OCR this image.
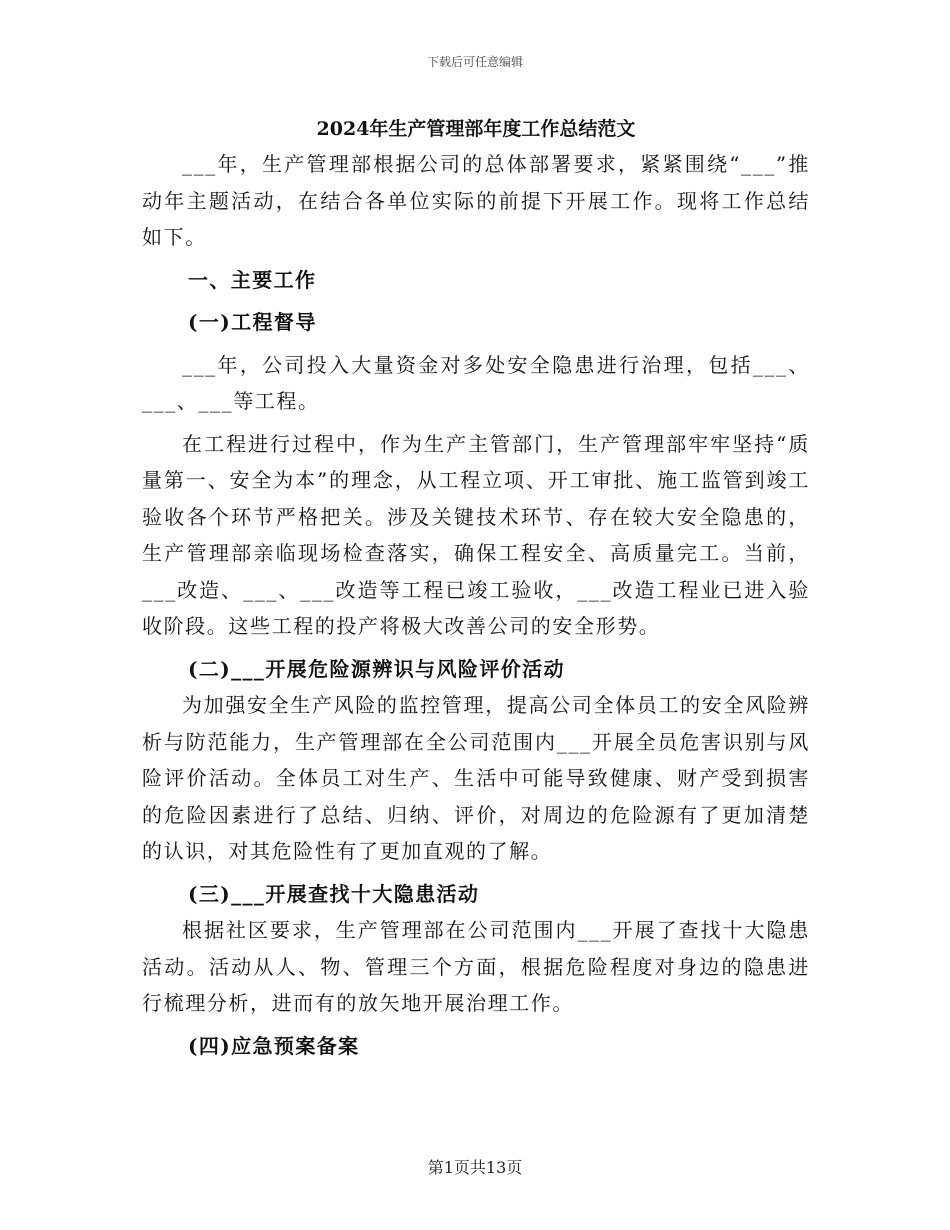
下载后可任意编辑
2024年生产管理部年度工作总结范文

___年，生产管理部根据公司的总体部署要求，紧紧围绕“___”推动年主题活动，在结合各单位实际的前提下开展工作。现将工作总结如下。

一、主要工作

(一)工程督导

___年，公司投入大量资金对多处安全隐患进行治理，包括___、___、___等工程。

在工程进行过程中，作为生产主管部门，生产管理部牢牢坚持“质量第一、安全为本”的理念，从工程立项、开工审批、施工监管到竣工验收各个环节严格把关。涉及关键技术环节、存在较大安全隐患的，生产管理部亲临现场检查落实，确保工程安全、高质量完工。当前，___改造、___、___改造等工程已竣工验收，___改造工程业已进入验收阶段。这些工程的投产将极大改善公司的安全形势。

(二)___开展危险源辨识与风险评价活动

为加强安全生产风险的监控管理，提高公司全体员工的安全风险辨析与防范能力，生产管理部在全公司范围内___开展全员危害识别与风险评价活动。全体员工对生产、生活中可能导致健康、财产受到损害的危险因素进行了总结、归纳、评价，对周边的危险源有了更加清楚的认识，对其危险性有了更加直观的了解。

(三)___开展查找十大隐患活动

根据社区要求，生产管理部在公司范围内___开展了查找十大隐患活动。活动从人、物、管理三个方面，根据危险程度对身边的隐患进行梳理分析，进而有的放矢地开展治理工作。

(四)应急预案备案

第1页共13页
